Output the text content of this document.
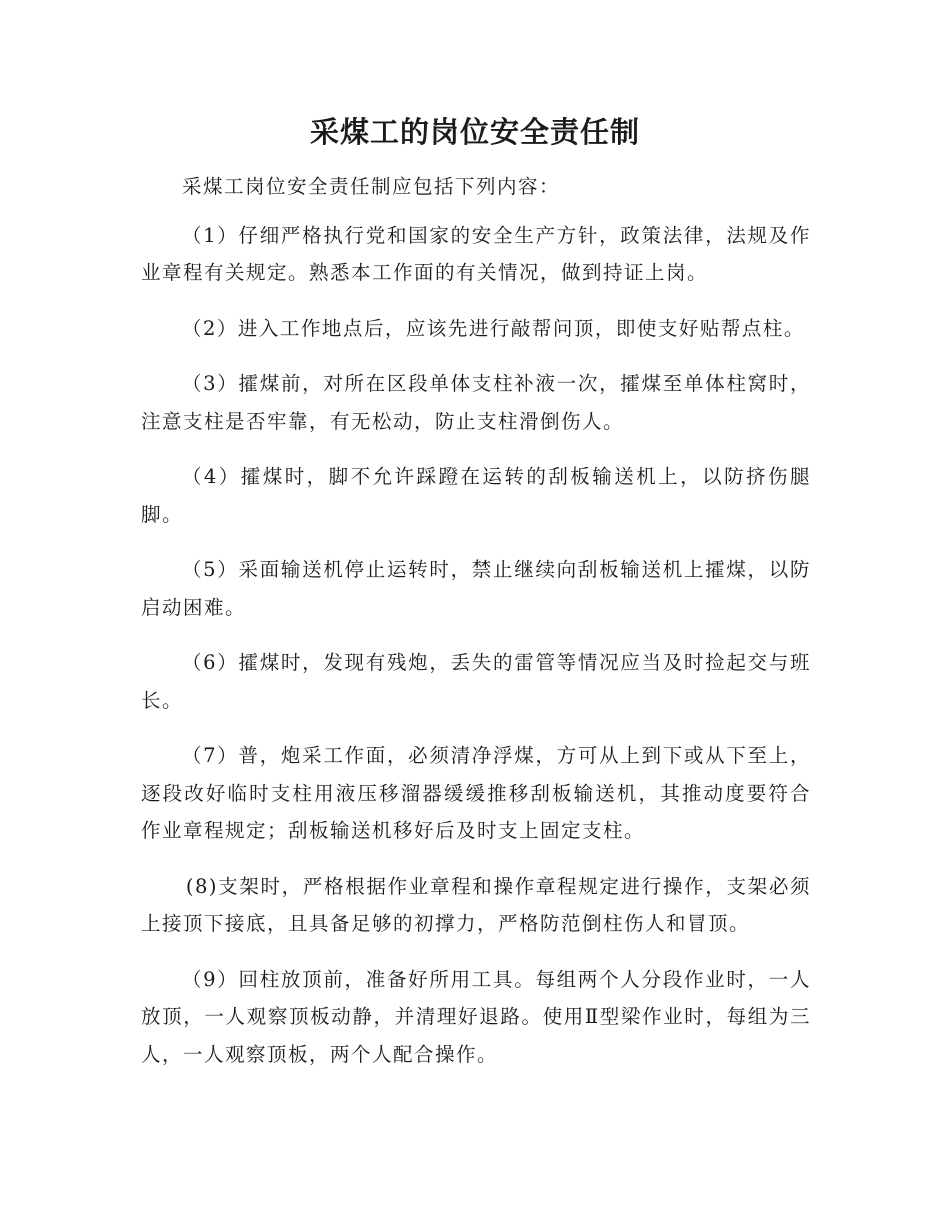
采煤工的岗位安全责任制

采煤工岗位安全责任制应包括下列内容：

（1）仔细严格执行党和国家的安全生产方针，政策法律，法规及作业章程有关规定。熟悉本工作面的有关情况，做到持证上岗。

（2）进入工作地点后，应该先进行敲帮问顶，即使支好贴帮点柱。

（3）攉煤前，对所在区段单体支柱补液一次，攉煤至单体柱窝时，注意支柱是否牢靠，有无松动，防止支柱滑倒伤人。

（4）攉煤时，脚不允许踩蹬在运转的刮板输送机上，以防挤伤腿脚。

（5）采面输送机停止运转时，禁止继续向刮板输送机上攉煤，以防启动困难。

（6）攉煤时，发现有残炮，丢失的雷管等情况应当及时捡起交与班长。

（7）普，炮采工作面，必须清净浮煤，方可从上到下或从下至上，逐段改好临时支柱用液压移溜器缓缓推移刮板输送机，其推动度要符合作业章程规定；刮板输送机移好后及时支上固定支柱。

(8)支架时，严格根据作业章程和操作章程规定进行操作，支架必须上接顶下接底，且具备足够的初撑力，严格防范倒柱伤人和冒顶。

（9）回柱放顶前，准备好所用工具。每组两个人分段作业时，一人放顶，一人观察顶板动静，并清理好退路。使用Ⅱ型梁作业时，每组为三人，一人观察顶板，两个人配合操作。
